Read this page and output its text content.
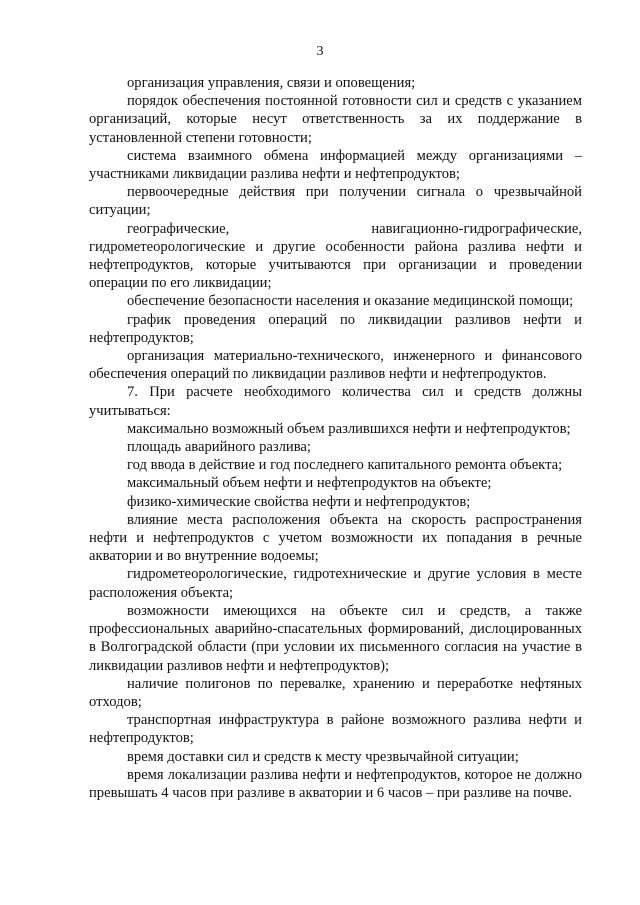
3

организация управления, связи и оповещения;

порядок обеспечения постоянной готовности сил и средств с указанием организаций, которые несут ответственность за их поддержание в установленной степени готовности;

система взаимного обмена информацией между организациями – участниками ликвидации разлива нефти и нефтепродуктов;

первоочередные действия при получении сигнала о чрезвычайной ситуации;

географические, навигационно-гидрографические, гидрометеорологические и другие особенности района разлива нефти и нефтепродуктов, которые учитываются при организации и проведении операции по его ликвидации;

обеспечение безопасности населения и оказание медицинской помощи;

график проведения операций по ликвидации разливов нефти и нефтепродуктов;

организация материально-технического, инженерного и финансового обеспечения операций по ликвидации разливов нефти и нефтепродуктов.

7. При расчете необходимого количества сил и средств должны учитываться:

максимально возможный объем разлившихся нефти и нефтепродуктов;

площадь аварийного разлива;

год ввода в действие и год последнего капитального ремонта объекта;

максимальный объем нефти и нефтепродуктов на объекте;

физико-химические свойства нефти и нефтепродуктов;

влияние места расположения объекта на скорость распространения нефти и нефтепродуктов с учетом возможности их попадания в речные акватории и во внутренние водоемы;

гидрометеорологические, гидротехнические и другие условия в месте расположения объекта;

возможности имеющихся на объекте сил и средств, а также профессиональных аварийно-спасательных формирований, дислоцированных в Волгоградской области (при условии их письменного согласия на участие в ликвидации разливов нефти и нефтепродуктов);

наличие полигонов по перевалке, хранению и переработке нефтяных отходов;

транспортная инфраструктура в районе возможного разлива нефти и нефтепродуктов;

время доставки сил и средств к месту чрезвычайной ситуации;

время локализации разлива нефти и нефтепродуктов, которое не должно превышать 4 часов при разливе в акватории и 6 часов – при разливе на почве.
